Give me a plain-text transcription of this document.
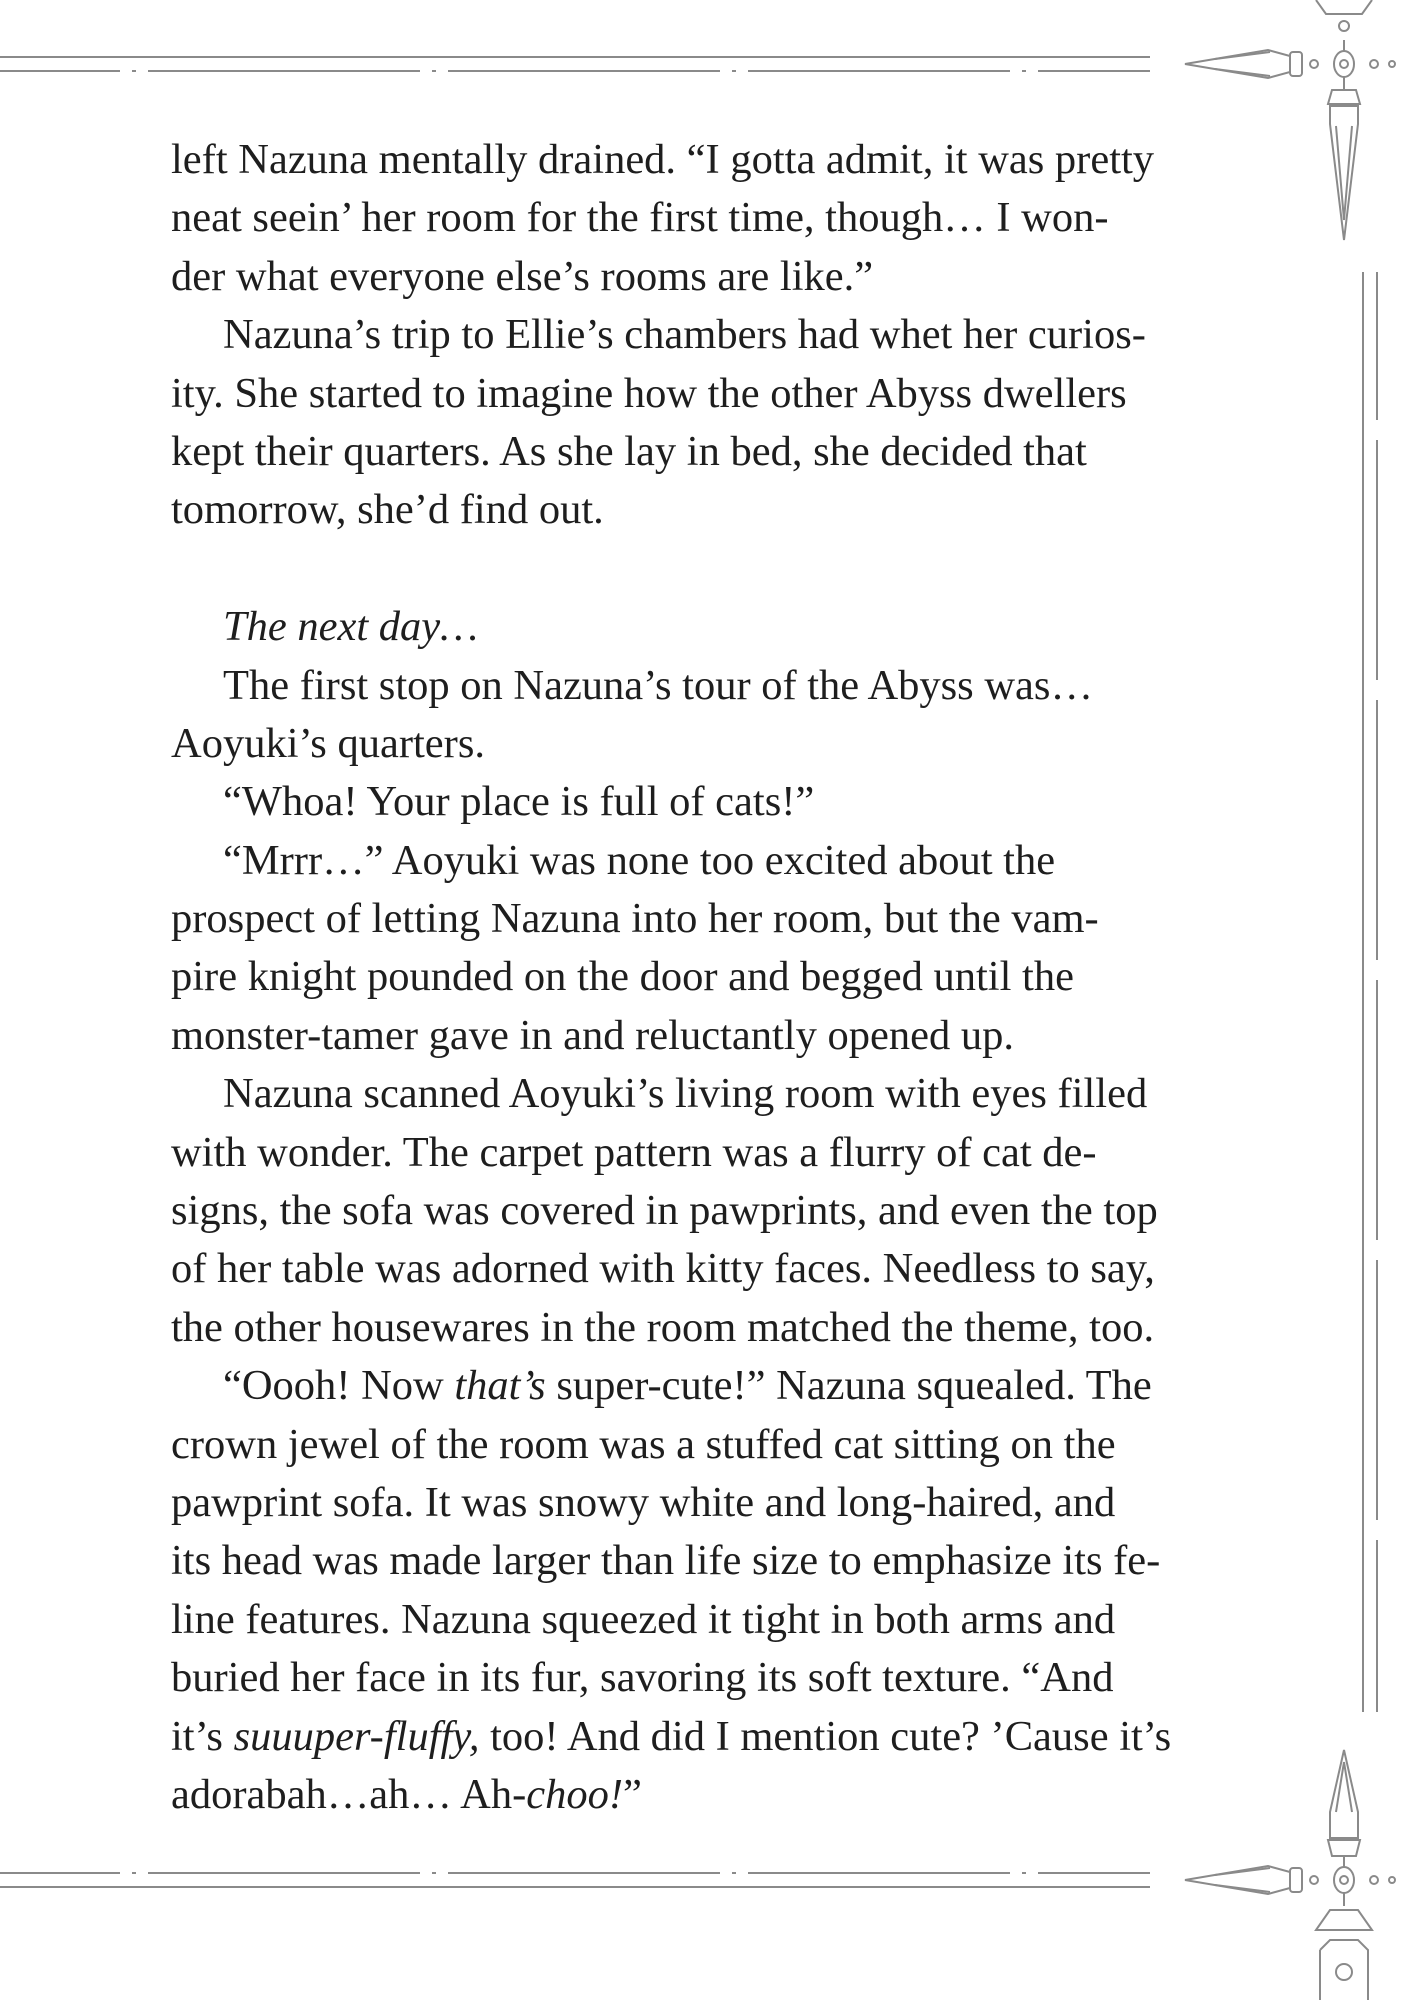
left Nazuna mentally drained. “I gotta admit, it was pretty
neat seein’ her room for the first time, though… I won-
der what everyone else’s rooms are like.”
Nazuna’s trip to Ellie’s chambers had whet her curios-
ity. She started to imagine how the other Abyss dwellers
kept their quarters. As she lay in bed, she decided that
tomorrow, she’d find out.
The next day…
The first stop on Nazuna’s tour of the Abyss was…
Aoyuki’s quarters.
“Whoa! Your place is full of cats!”
“Mrrr…” Aoyuki was none too excited about the
prospect of letting Nazuna into her room, but the vam-
pire knight pounded on the door and begged until the
monster-tamer gave in and reluctantly opened up.
Nazuna scanned Aoyuki’s living room with eyes filled
with wonder. The carpet pattern was a flurry of cat de-
signs, the sofa was covered in pawprints, and even the top
of her table was adorned with kitty faces. Needless to say,
the other housewares in the room matched the theme, too.
“Oooh! Now that’s super-cute!” Nazuna squealed. The
crown jewel of the room was a stuffed cat sitting on the
pawprint sofa. It was snowy white and long-haired, and
its head was made larger than life size to emphasize its fe-
line features. Nazuna squeezed it tight in both arms and
buried her face in its fur, savoring its soft texture. “And
it’s suuuper-fluffy, too! And did I mention cute? ’Cause it’s
adorabah…ah… Ah-choo!”
